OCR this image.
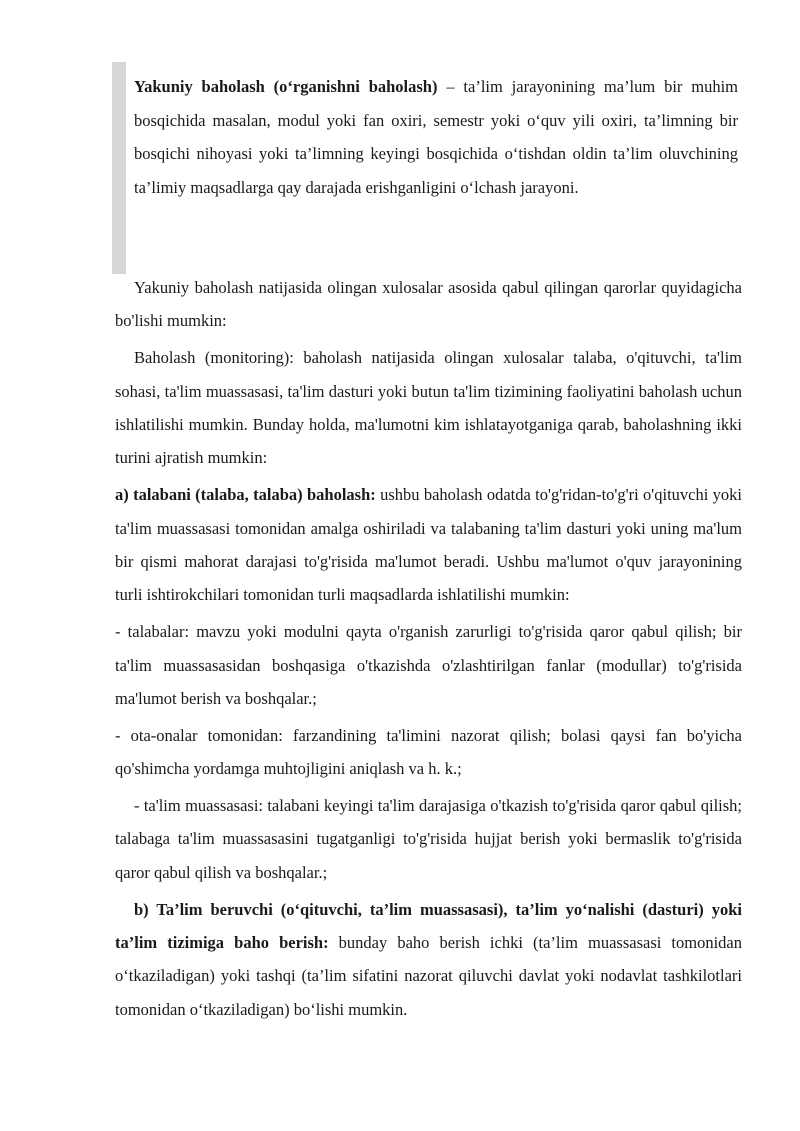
Yakuniy baholash (o‘rganishni baholash) – ta’lim jarayonining ma’lum bir muhim bosqichida masalan, modul yoki fan oxiri, semestr yoki o‘quv yili oxiri, ta’limning bir bosqichi nihoyasi yoki ta’limning keyingi bosqichida o‘tishdan oldin ta’lim oluvchining ta’limiy maqsadlarga qay darajada erishganligini o‘lchash jarayoni.

Yakuniy baholash natijasida olingan xulosalar asosida qabul qilingan qarorlar quyidagicha bo'lishi mumkin:

Baholash (monitoring): baholash natijasida olingan xulosalar talaba, o'qituvchi, ta'lim sohasi, ta'lim muassasasi, ta'lim dasturi yoki butun ta'lim tizimining faoliyatini baholash uchun ishlatilishi mumkin. Bunday holda, ma'lumotni kim ishlatayotganiga qarab, baholashning ikki turini ajratish mumkin:

a) talabani (talaba, talaba) baholash: ushbu baholash odatda to'g'ridan-to'g'ri o'qituvchi yoki ta'lim muassasasi tomonidan amalga oshiriladi va talabaning ta'lim dasturi yoki uning ma'lum bir qismi mahorat darajasi to'g'risida ma'lumot beradi. Ushbu ma'lumot o'quv jarayonining turli ishtirokchilari tomonidan turli maqsadlarda ishlatilishi mumkin:

- talabalar: mavzu yoki modulni qayta o'rganish zarurligi to'g'risida qaror qabul qilish; bir ta'lim muassasasidan boshqasiga o'tkazishda o'zlashtirilgan fanlar (modullar) to'g'risida ma'lumot berish va boshqalar.;

- ota-onalar tomonidan: farzandining ta'limini nazorat qilish; bolasi qaysi fan bo'yicha qo'shimcha yordamga muhtojligini aniqlash va h. k.;

- ta'lim muassasasi: talabani keyingi ta'lim darajasiga o'tkazish to'g'risida qaror qabul qilish; talabaga ta'lim muassasasini tugatganligi to'g'risida hujjat berish yoki bermaslik to'g'risida qaror qabul qilish va boshqalar.;

b) Ta’lim beruvchi (o‘qituvchi, ta’lim muassasasi), ta’lim yo‘nalishi (dasturi) yoki ta’lim tizimiga baho berish: bunday baho berish ichki (ta’lim muassasasi tomonidan o‘tkaziladigan) yoki tashqi (ta’lim sifatini nazorat qiluvchi davlat yoki nodavlat tashkilotlari tomonidan o‘tkaziladigan) bo‘lishi mumkin.
